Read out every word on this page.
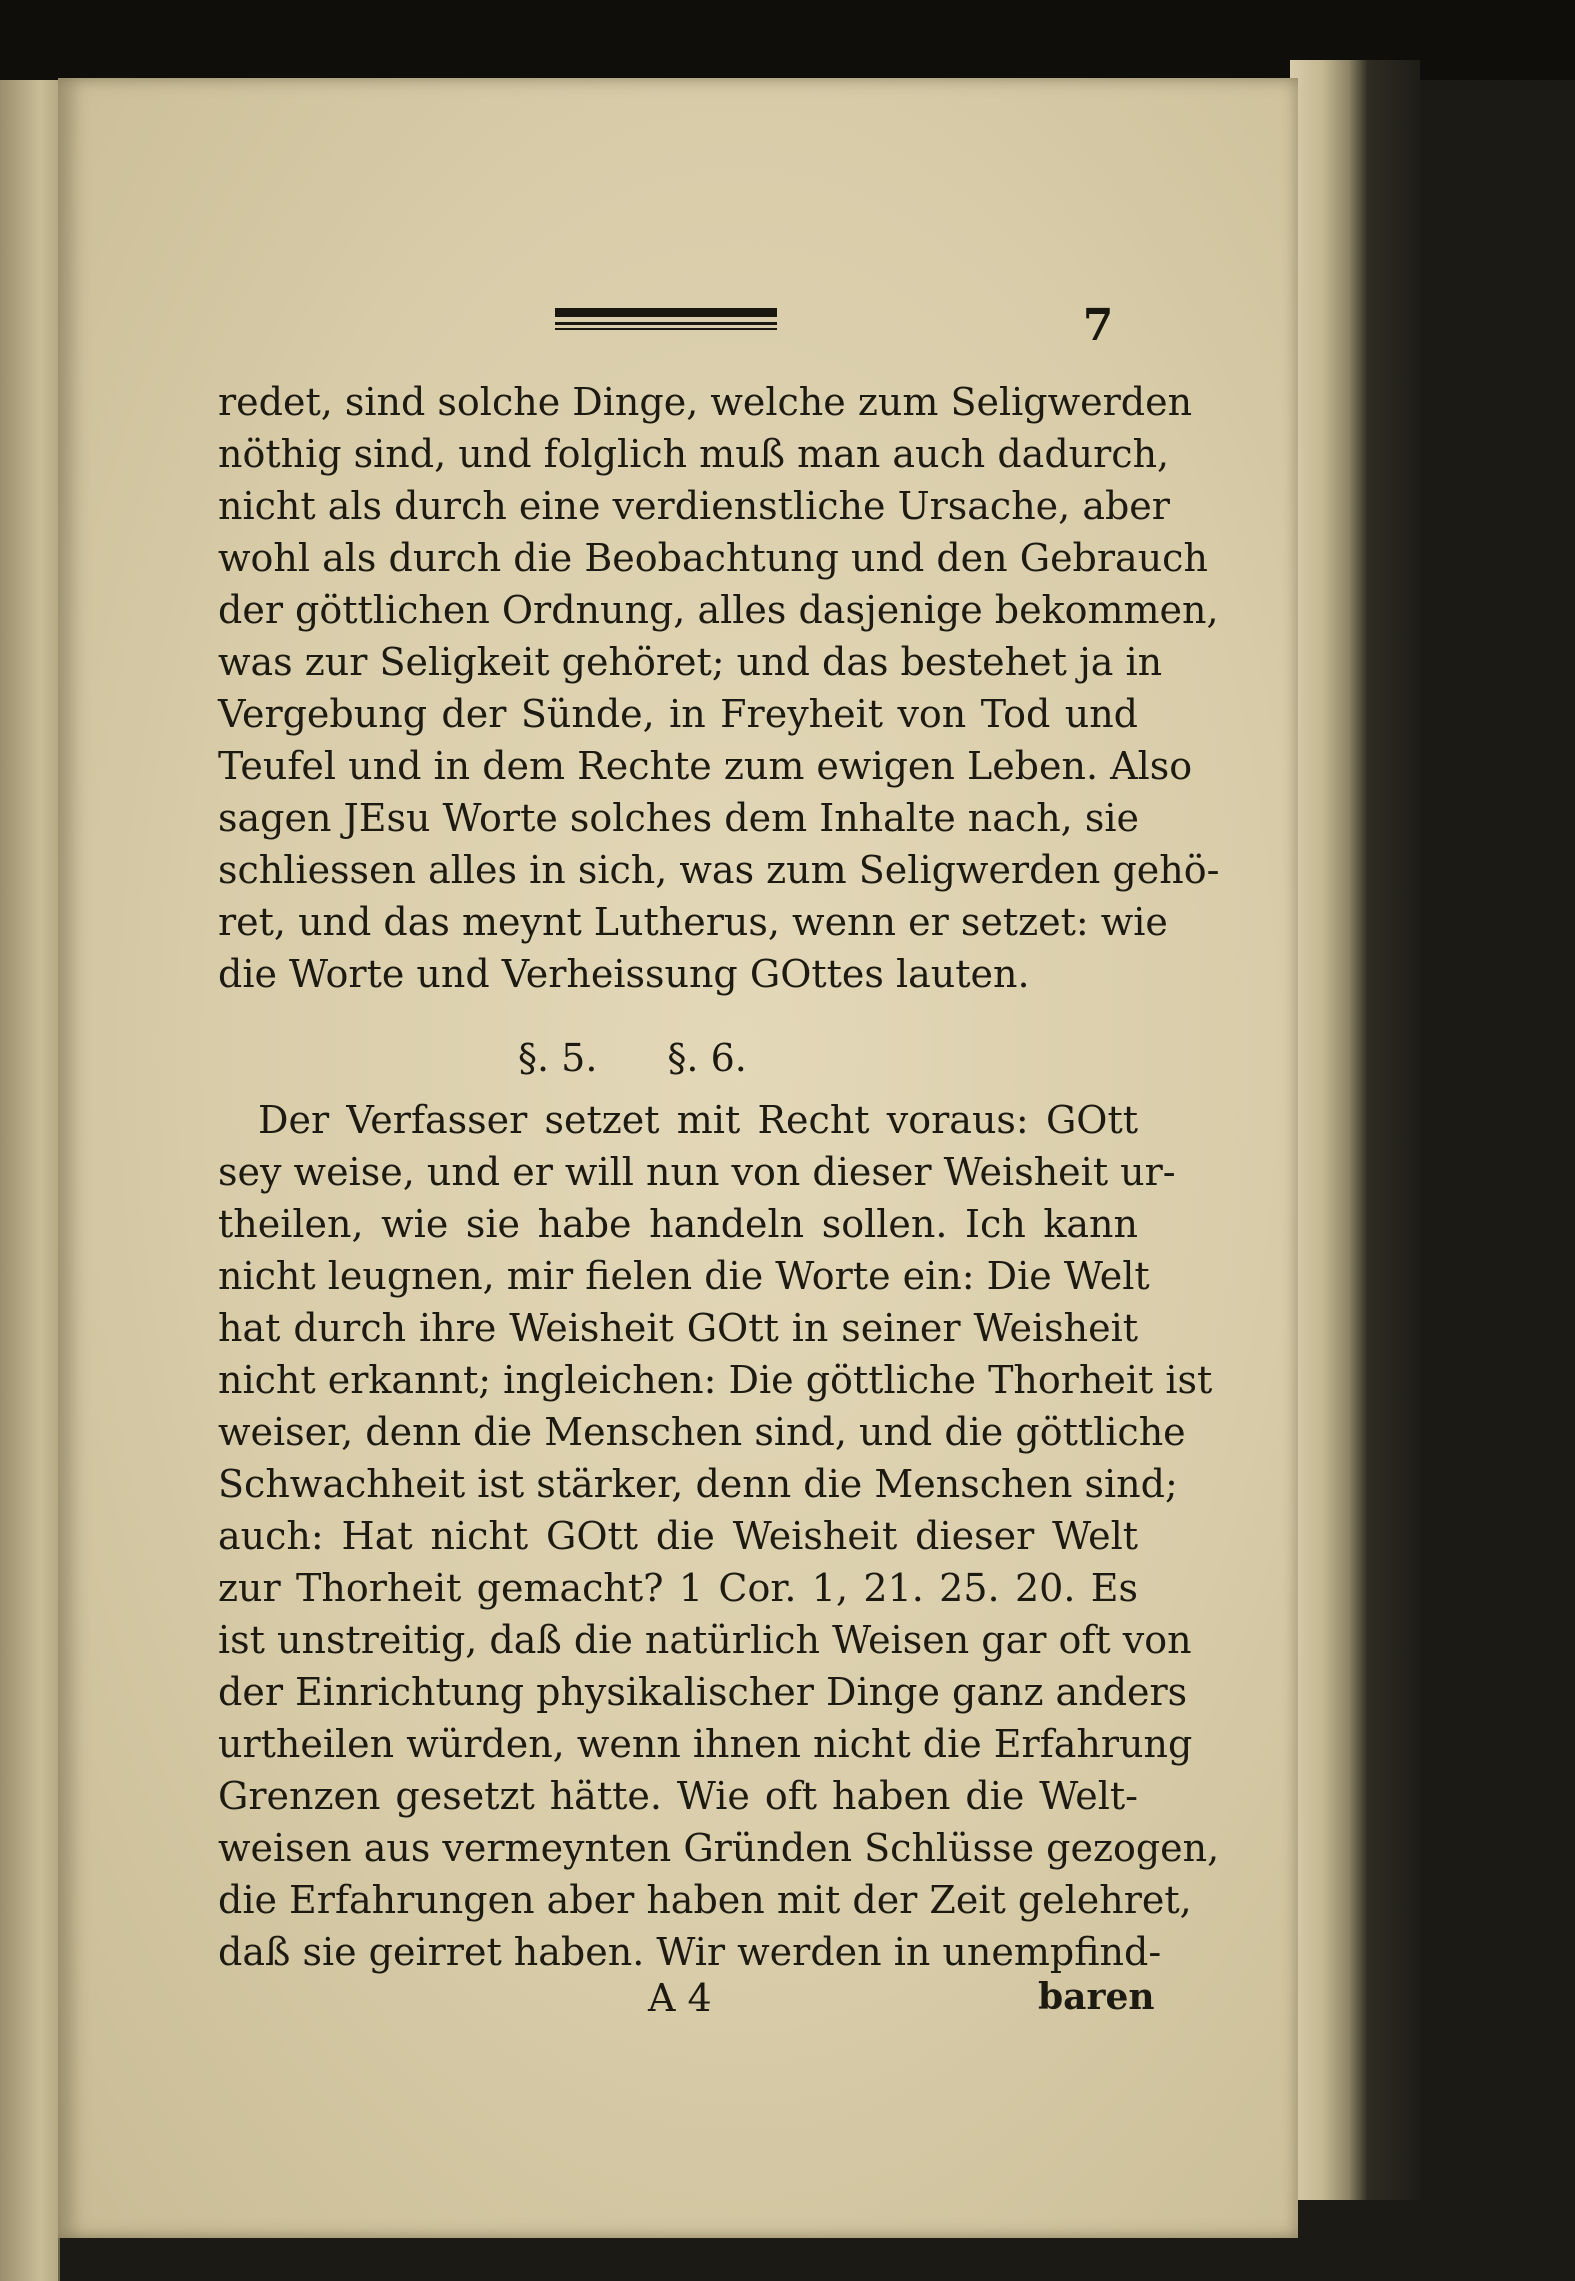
7
redet, sind solche Dinge, welche zum Seligwerden
nöthig sind, und folglich muß man auch dadurch,
nicht als durch eine verdienstliche Ursache, aber
wohl als durch die Beobachtung und den Gebrauch
der göttlichen Ordnung, alles dasjenige bekommen,
was zur Seligkeit gehöret; und das bestehet ja in
Vergebung der Sünde, in Freyheit von Tod und
Teufel und in dem Rechte zum ewigen Leben. Also
sagen JEsu Worte solches dem Inhalte nach, sie
schliessen alles in sich, was zum Seligwerden gehö-
ret, und das meynt Lutherus, wenn er setzet: wie
die Worte und Verheissung GOttes lauten.
§. 5. §. 6.
Der Verfasser setzet mit Recht voraus: GOtt
sey weise, und er will nun von dieser Weisheit ur-
theilen, wie sie habe handeln sollen. Ich kann
nicht leugnen, mir fielen die Worte ein: Die Welt
hat durch ihre Weisheit GOtt in seiner Weisheit
nicht erkannt; ingleichen: Die göttliche Thorheit ist
weiser, denn die Menschen sind, und die göttliche
Schwachheit ist stärker, denn die Menschen sind;
auch: Hat nicht GOtt die Weisheit dieser Welt
zur Thorheit gemacht? 1 Cor. 1, 21. 25. 20. Es
ist unstreitig, daß die natürlich Weisen gar oft von
der Einrichtung physikalischer Dinge ganz anders
urtheilen würden, wenn ihnen nicht die Erfahrung
Grenzen gesetzt hätte. Wie oft haben die Welt-
weisen aus vermeynten Gründen Schlüsse gezogen,
die Erfahrungen aber haben mit der Zeit gelehret,
daß sie geirret haben. Wir werden in unempfind-
A 4	baren
